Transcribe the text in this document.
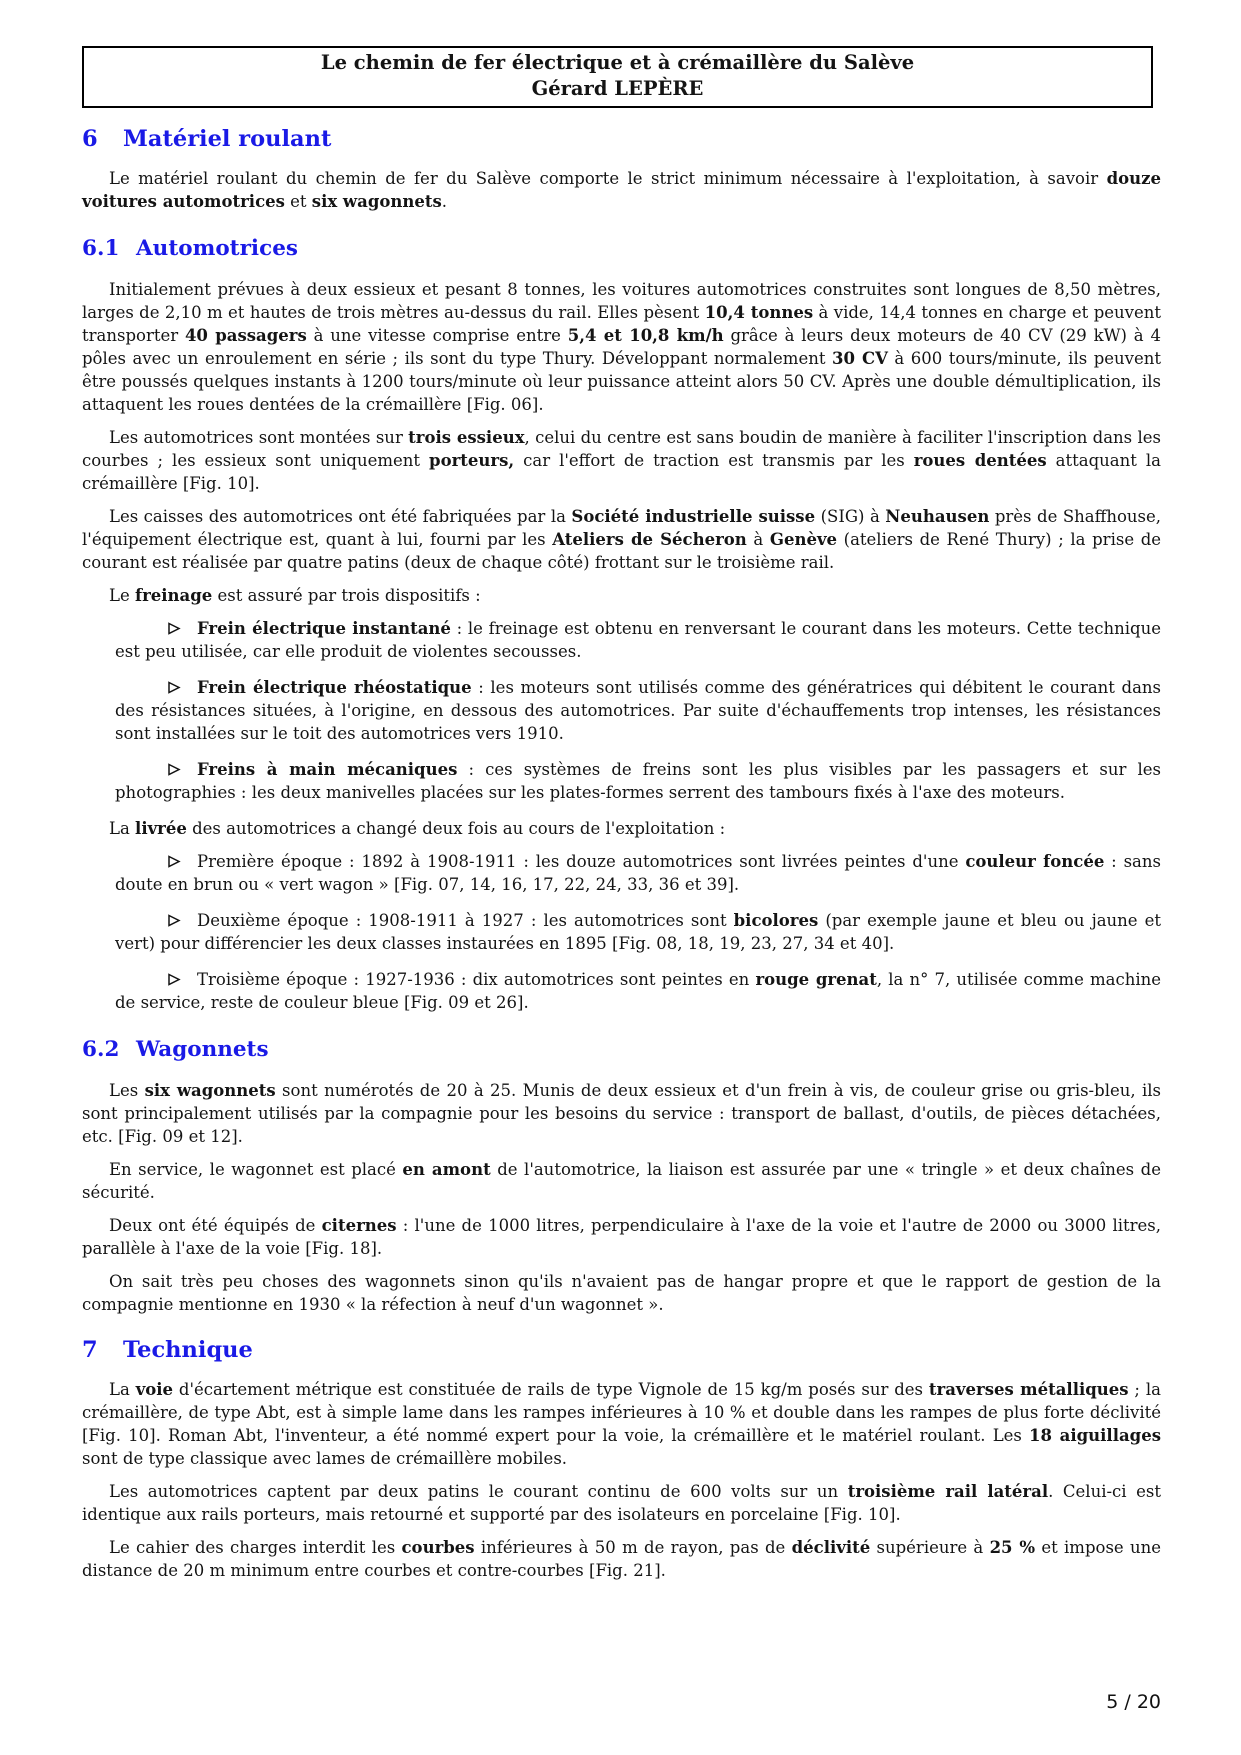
Le chemin de fer électrique et à crémaillère du Salève
Gérard LEPÈRE
6 Matériel roulant

Le matériel roulant du chemin de fer du Salève comporte le strict minimum nécessaire à l'exploitation, à savoir douze voitures automotrices et six wagonnets.

6.1 Automotrices

Initialement prévues à deux essieux et pesant 8 tonnes, les voitures automotrices construites sont longues de 8,50 mètres, larges de 2,10 m et hautes de trois mètres au-dessus du rail. Elles pèsent 10,4 tonnes à vide, 14,4 tonnes en charge et peuvent transporter 40 passagers à une vitesse comprise entre 5,4 et 10,8 km/h grâce à leurs deux moteurs de 40 CV (29 kW) à 4 pôles avec un enroulement en série ; ils sont du type Thury. Développant normalement 30 CV à 600 tours/minute, ils peuvent être poussés quelques instants à 1200 tours/minute où leur puissance atteint alors 50 CV. Après une double démultiplication, ils attaquent les roues dentées de la crémaillère [Fig. 06].

Les automotrices sont montées sur trois essieux, celui du centre est sans boudin de manière à faciliter l'inscription dans les courbes ; les essieux sont uniquement porteurs, car l'effort de traction est transmis par les roues dentées attaquant la crémaillère [Fig. 10].

Les caisses des automotrices ont été fabriquées par la Société industrielle suisse (SIG) à Neuhausen près de Shaffhouse, l'équipement électrique est, quant à lui, fourni par les Ateliers de Sécheron à Genève (ateliers de René Thury) ; la prise de courant est réalisée par quatre patins (deux de chaque côté) frottant sur le troisième rail.

Le freinage est assuré par trois dispositifs :

Frein électrique instantané : le freinage est obtenu en renversant le courant dans les moteurs. Cette technique est peu utilisée, car elle produit de violentes secousses.
Frein électrique rhéostatique : les moteurs sont utilisés comme des génératrices qui débitent le courant dans des résistances situées, à l'origine, en dessous des automotrices. Par suite d'échauffements trop intenses, les résistances sont installées sur le toit des automotrices vers 1910.
Freins à main mécaniques : ces systèmes de freins sont les plus visibles par les passagers et sur les photographies : les deux manivelles placées sur les plates-formes serrent des tambours fixés à l'axe des moteurs.

La livrée des automotrices a changé deux fois au cours de l'exploitation :

Première époque : 1892 à 1908-1911 : les douze automotrices sont livrées peintes d'une couleur foncée : sans doute en brun ou « vert wagon » [Fig. 07, 14, 16, 17, 22, 24, 33, 36 et 39].
Deuxième époque : 1908-1911 à 1927 : les automotrices sont bicolores (par exemple jaune et bleu ou jaune et vert) pour différencier les deux classes instaurées en 1895 [Fig. 08, 18, 19, 23, 27, 34 et 40].
Troisième époque : 1927-1936 : dix automotrices sont peintes en rouge grenat, la n° 7, utilisée comme machine de service, reste de couleur bleue [Fig. 09 et 26].
6.2 Wagonnets

Les six wagonnets sont numérotés de 20 à 25. Munis de deux essieux et d'un frein à vis, de couleur grise ou gris-bleu, ils sont principalement utilisés par la compagnie pour les besoins du service : transport de ballast, d'outils, de pièces détachées, etc. [Fig. 09 et 12].

En service, le wagonnet est placé en amont de l'automotrice, la liaison est assurée par une « tringle » et deux chaînes de sécurité.

Deux ont été équipés de citernes : l'une de 1000 litres, perpendiculaire à l'axe de la voie et l'autre de 2000 ou 3000 litres, parallèle à l'axe de la voie [Fig. 18].

On sait très peu choses des wagonnets sinon qu'ils n'avaient pas de hangar propre et que le rapport de gestion de la compagnie mentionne en 1930 « la réfection à neuf d'un wagonnet ».

7 Technique

La voie d'écartement métrique est constituée de rails de type Vignole de 15 kg/m posés sur des traverses métalliques ; la crémaillère, de type Abt, est à simple lame dans les rampes inférieures à 10 % et double dans les rampes de plus forte déclivité [Fig. 10]. Roman Abt, l'inventeur, a été nommé expert pour la voie, la crémaillère et le matériel roulant. Les 18 aiguillages sont de type classique avec lames de crémaillère mobiles.

Les automotrices captent par deux patins le courant continu de 600 volts sur un troisième rail latéral. Celui-ci est identique aux rails porteurs, mais retourné et supporté par des isolateurs en porcelaine [Fig. 10].

Le cahier des charges interdit les courbes inférieures à 50 m de rayon, pas de déclivité supérieure à 25 % et impose une distance de 20 m minimum entre courbes et contre-courbes [Fig. 21].

5 / 20
